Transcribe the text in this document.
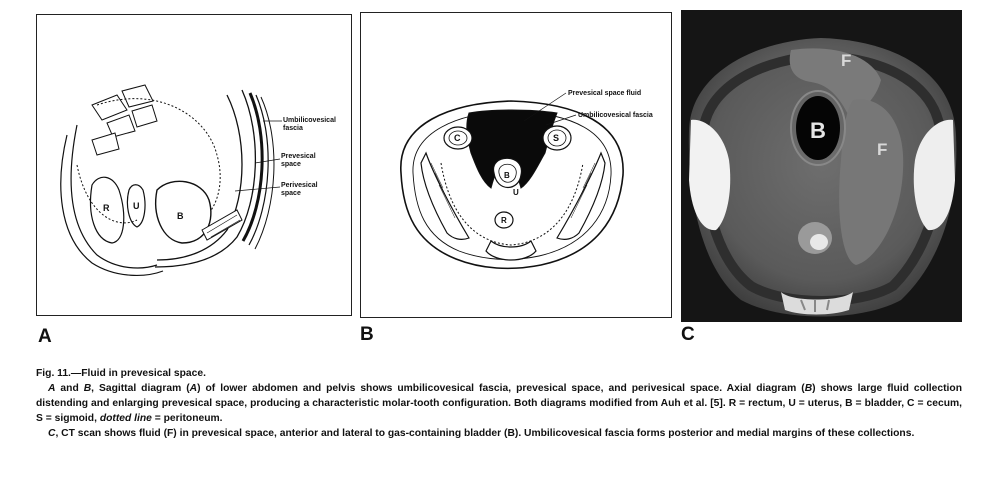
Umbilicovesical
fascia
Prevesical
space
Perivesical
space
R	U
B
Prevesical space fluid
Umbilicovesical fascia
C	S
B
U
R
F
B
F
A	B	C

Fig. 11.—Fluid in prevesical space.

A and B, Sagittal diagram (A) of lower abdomen and pelvis shows umbilicovesical fascia, prevesical space, and perivesical space. Axial diagram (B) shows large fluid collection distending and enlarging prevesical space, producing a characteristic molar-tooth configuration. Both diagrams modified from Auh et al. [5]. R = rectum, U = uterus, B = bladder, C = cecum, S = sigmoid, dotted line = peritoneum.

C, CT scan shows fluid (F) in prevesical space, anterior and lateral to gas-containing bladder (B). Umbilicovesical fascia forms posterior and medial margins of these collections.
